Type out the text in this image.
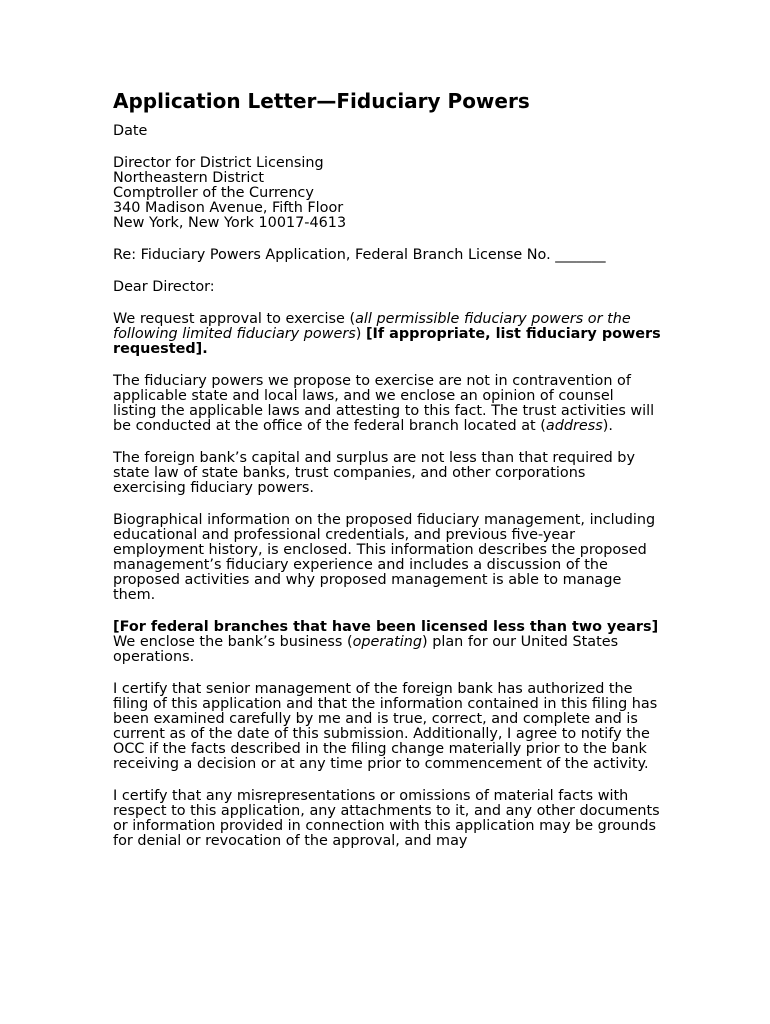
Application Letter—Fiduciary Powers
Date
Director for District Licensing
Northeastern District
Comptroller of the Currency
340 Madison Avenue, Fifth Floor
New York, New York 10017-4613
Re: Fiduciary Powers Application, Federal Branch License No. _______
Dear Director:
We request approval to exercise (all permissible fiduciary powers or the following limited fiduciary powers) [If appropriate, list fiduciary powers requested].
The fiduciary powers we propose to exercise are not in contravention of applicable state and local laws, and we enclose an opinion of counsel listing the applicable laws and attesting to this fact. The trust activities will be conducted at the office of the federal branch located at (address).
The foreign bank’s capital and surplus are not less than that required by state law of state banks, trust companies, and other corporations exercising fiduciary powers.
Biographical information on the proposed fiduciary management, including educational and professional credentials, and previous five-year employment history, is enclosed. This information describes the proposed management’s fiduciary experience and includes a discussion of the proposed activities and why proposed management is able to manage them.
[For federal branches that have been licensed less than two years]  We enclose the bank’s business (operating) plan for our United States operations.
I certify that senior management of the foreign bank has authorized the filing of this application and that the information contained in this filing has been examined carefully by me and is true, correct, and complete and is current as of the date of this submission. Additionally, I agree to notify the OCC if the facts described in the filing change materially prior to the bank receiving a decision or at any time prior to commencement of the activity.
I certify that any misrepresentations or omissions of material facts with respect to this application, any attachments to it, and any other documents or information provided in connection with this application may be grounds for denial or revocation of the approval, and may
